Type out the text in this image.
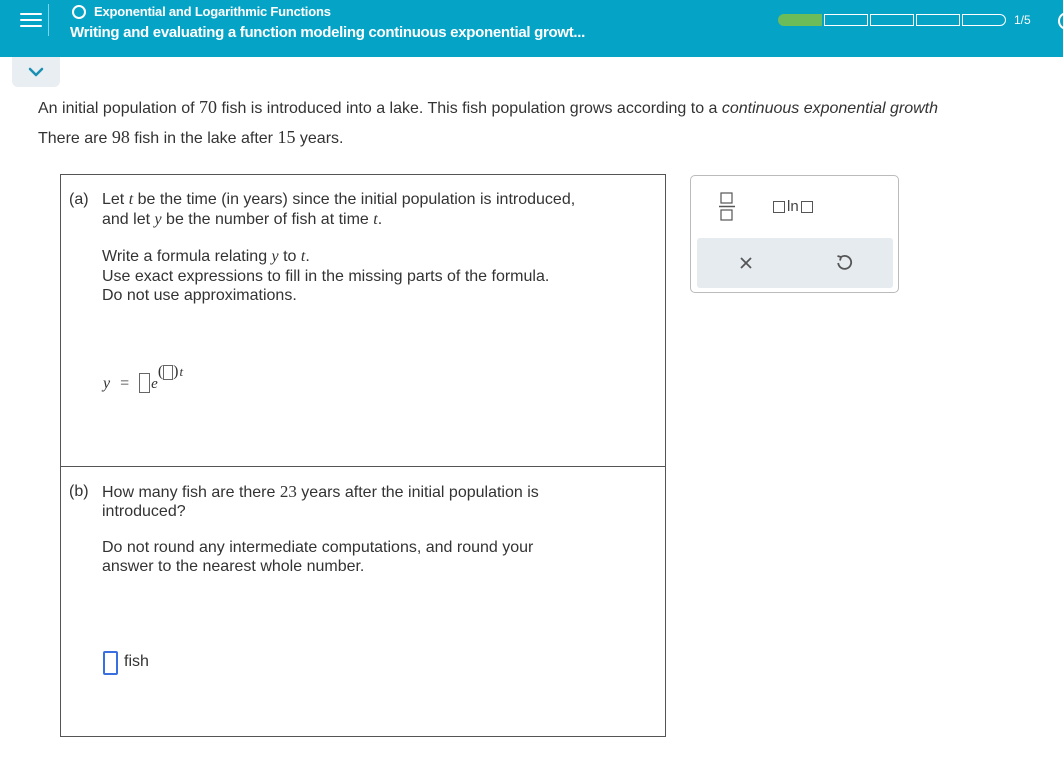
Exponential and Logarithmic Functions
Writing and evaluating a function modeling continuous exponential growt...
1/5
An initial population of 70 fish is introduced into a lake. This fish population grows according to a continuous exponential growth
There are 98 fish in the lake after 15 years.
(a) Let t be the time (in years) since the initial population is introduced,
and let y be the number of fish at time t.
Write a formula relating y to t.
Use exact expressions to fill in the missing parts of the formula.
Do not use approximations.
y = e
( ) t
(b) How many fish are there 23 years after the initial population is
introduced?
Do not round any intermediate computations, and round your
answer to the nearest whole number.
fish
ln
